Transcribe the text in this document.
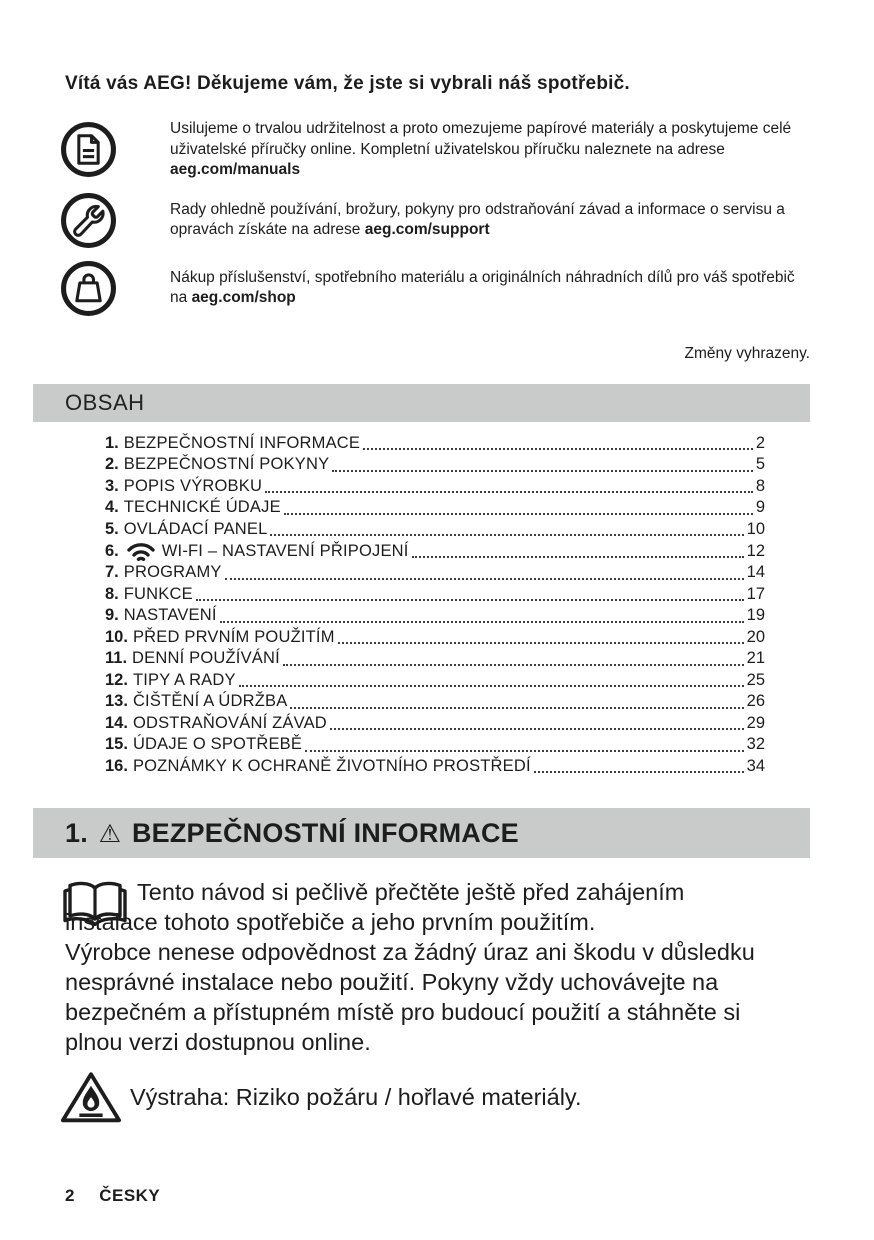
Vítá vás AEG! Děkujeme vám, že jste si vybrali náš spotřebič.
Usilujeme o trvalou udržitelnost a proto omezujeme papírové materiály a poskytujeme celé uživatelské příručky online. Kompletní uživatelskou příručku naleznete na adrese
aeg.com/manuals
Rady ohledně používání, brožury, pokyny pro odstraňování závad a informace o servisu a opravách získáte na adrese aeg.com/support
Nákup příslušenství, spotřebního materiálu a originálních náhradních dílů pro váš spotřebič na aeg.com/shop
Změny vyhrazeny.
OBSAH
1. BEZPEČNOSTNÍ INFORMACE	2
2. BEZPEČNOSTNÍ POKYNY	5
3. POPIS VÝROBKU	8
4. TECHNICKÉ ÚDAJE	9
5. OVLÁDACÍ PANEL	10
6.	WI-FI – NASTAVENÍ PŘIPOJENÍ	12
7. PROGRAMY	14
8. FUNKCE	17
9. NASTAVENÍ	19
10. PŘED PRVNÍM POUŽITÍM	20
11. DENNÍ POUŽÍVÁNÍ	21
12. TIPY A RADY	25
13. ČIŠTĚNÍ A ÚDRŽBA	26
14. ODSTRAŇOVÁNÍ ZÁVAD	29
15. ÚDAJE O SPOTŘEBĚ	32
16. POZNÁMKY K OCHRANĚ ŽIVOTNÍHO PROSTŘEDÍ	34
1. ⚠ BEZPEČNOSTNÍ INFORMACE
Tento návod si pečlivě přečtěte ještě před zahájením instalace tohoto spotřebiče a jeho prvním použitím.
Výrobce nenese odpovědnost za žádný úraz ani škodu v důsledku nesprávné instalace nebo použití. Pokyny vždy uchovávejte na bezpečném a přístupném místě pro budoucí použití a stáhněte si plnou verzi dostupnou online.
Výstraha: Riziko požáru / hořlavé materiály.
2 ČESKY
